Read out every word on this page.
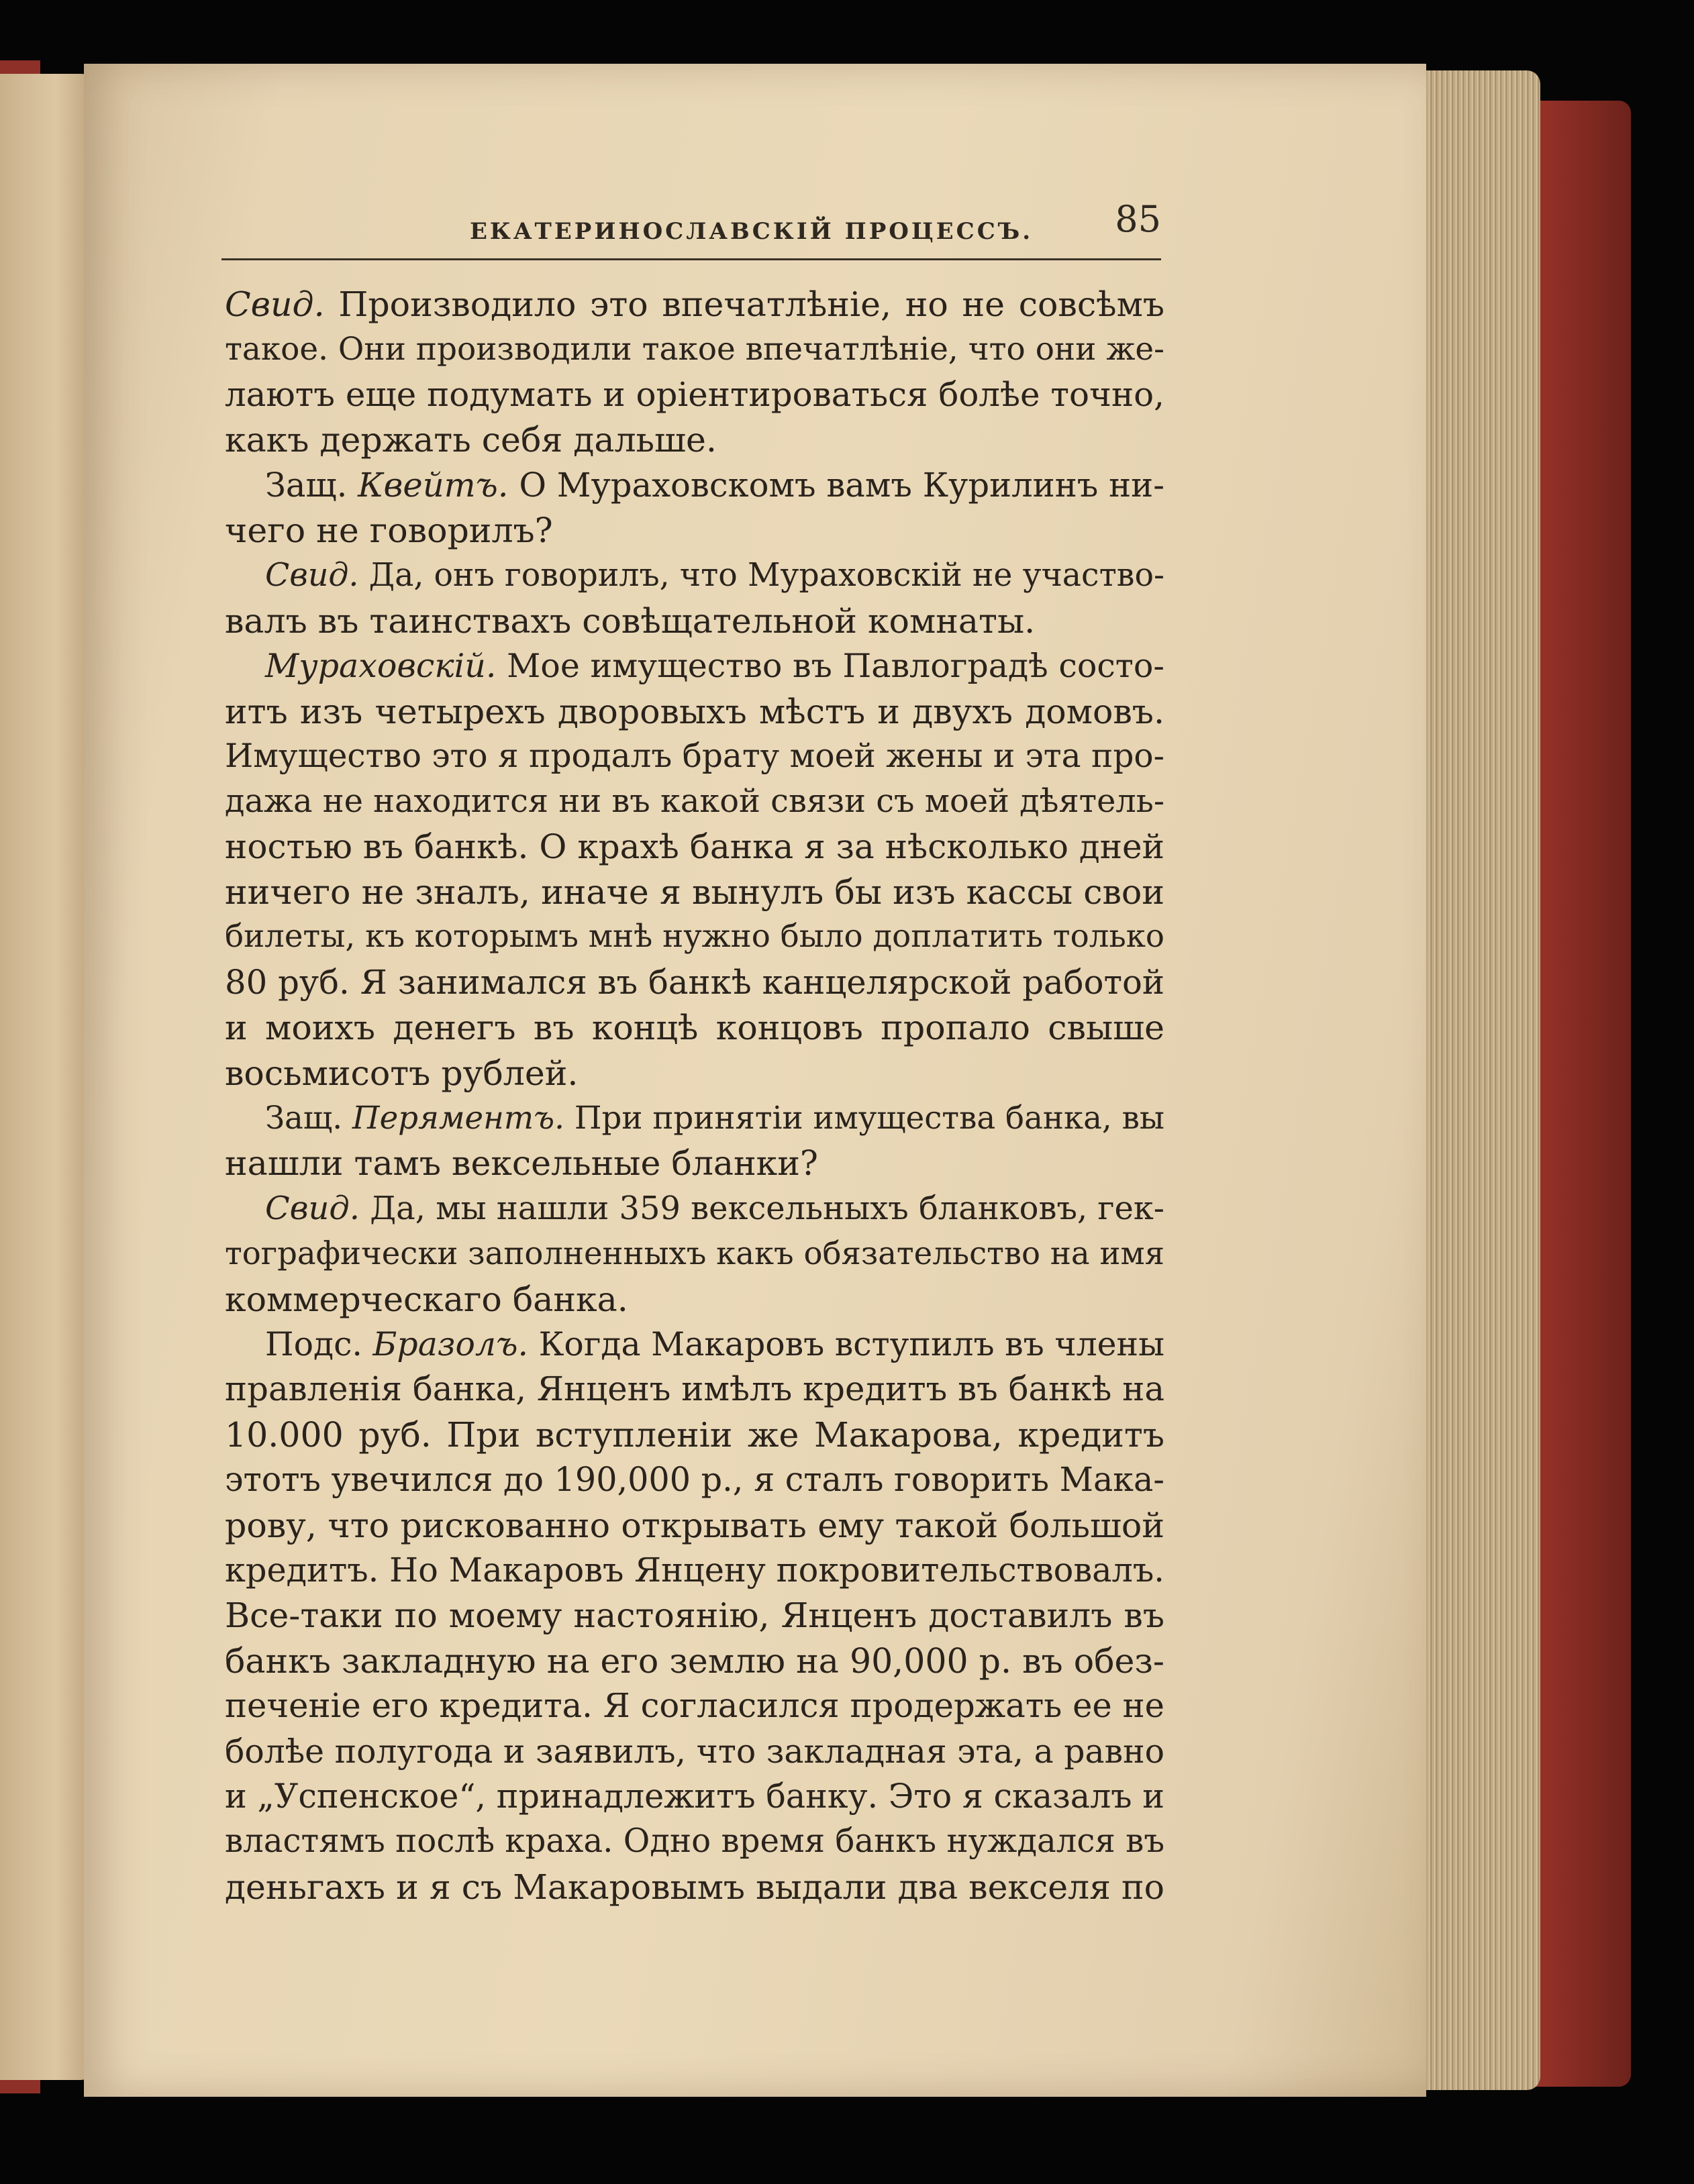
ЕКАТЕРИНОСЛАВСКІЙ ПРОЦЕССЪ. 85
Свид. Производило это впечатлѣніе, но не совсѣмъ
такое. Они производили такое впечатлѣніе, что они же-
лаютъ еще подумать и оріентироваться болѣе точно,
какъ держать себя дальше.
Защ. Квейтъ. О Мураховскомъ вамъ Курилинъ ни-
чего не говорилъ?
Свид. Да, онъ говорилъ, что Мураховскій не участво-
валъ въ таинствахъ совѣщательной комнаты.
Мураховскій. Мое имущество въ Павлоградѣ состо-
итъ изъ четырехъ дворовыхъ мѣстъ и двухъ домовъ.
Имущество это я продалъ брату моей жены и эта про-
дажа не находится ни въ какой связи съ моей дѣятель-
ностью въ банкѣ. О крахѣ банка я за нѣсколько дней
ничего не зналъ, иначе я вынулъ бы изъ кассы свои
билеты, къ которымъ мнѣ нужно было доплатить только
80 руб. Я занимался въ банкѣ канцелярской работой
и моихъ денегъ въ концѣ концовъ пропало свыше
восьмисотъ рублей.
Защ. Перяментъ. При принятіи имущества банка, вы
нашли тамъ вексельные бланки?
Свид. Да, мы нашли 359 вексельныхъ бланковъ, гек-
тографически заполненныхъ какъ обязательство на имя
коммерческаго банка.
Подс. Бразолъ. Когда Макаровъ вступилъ въ члены
правленія банка, Янценъ имѣлъ кредитъ въ банкѣ на
10.000 руб. При вступленіи же Макарова, кредитъ
этотъ увечился до 190,000 р., я сталъ говорить Мака-
рову, что рискованно открывать ему такой большой
кредитъ. Но Макаровъ Янцену покровительствовалъ.
Все-таки по моему настоянію, Янценъ доставилъ въ
банкъ закладную на его землю на 90,000 р. въ обез-
печеніе его кредита. Я согласился продержать ее не
болѣе полугода и заявилъ, что закладная эта, а равно
и „Успенское“, принадлежитъ банку. Это я сказалъ и
властямъ послѣ краха. Одно время банкъ нуждался въ
деньгахъ и я съ Макаровымъ выдали два векселя по
